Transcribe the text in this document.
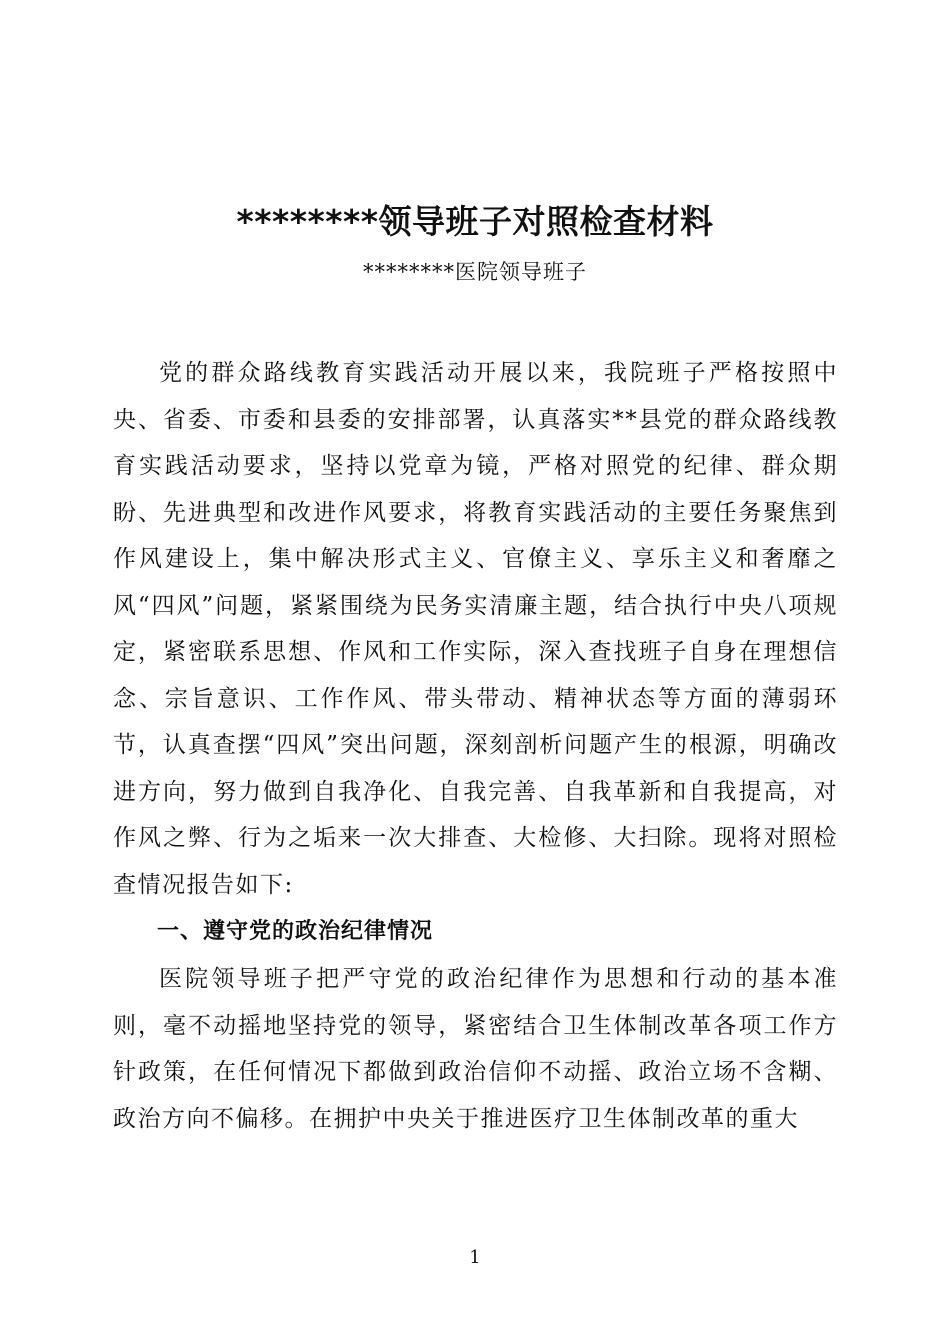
********领导班子对照检查材料

********医院领导班子

党的群众路线教育实践活动开展以来，我院班子严格按照中央、省委、市委和县委的安排部署，认真落实**县党的群众路线教育实践活动要求，坚持以党章为镜，严格对照党的纪律、群众期盼、先进典型和改进作风要求，将教育实践活动的主要任务聚焦到作风建设上，集中解决形式主义、官僚主义、享乐主义和奢靡之风“四风”问题，紧紧围绕为民务实清廉主题，结合执行中央八项规定，紧密联系思想、作风和工作实际，深入查找班子自身在理想信念、宗旨意识、工作作风、带头带动、精神状态等方面的薄弱环节，认真查摆“四风”突出问题，深刻剖析问题产生的根源，明确改进方向，努力做到自我净化、自我完善、自我革新和自我提高，对作风之弊、行为之垢来一次大排查、大检修、大扫除。现将对照检查情况报告如下:

一、遵守党的政治纪律情况

医院领导班子把严守党的政治纪律作为思想和行动的基本准则，毫不动摇地坚持党的领导，紧密结合卫生体制改革各项工作方针政策，在任何情况下都做到政治信仰不动摇、政治立场不含糊、政治方向不偏移。在拥护中央关于推进医疗卫生体制改革的重大

1
